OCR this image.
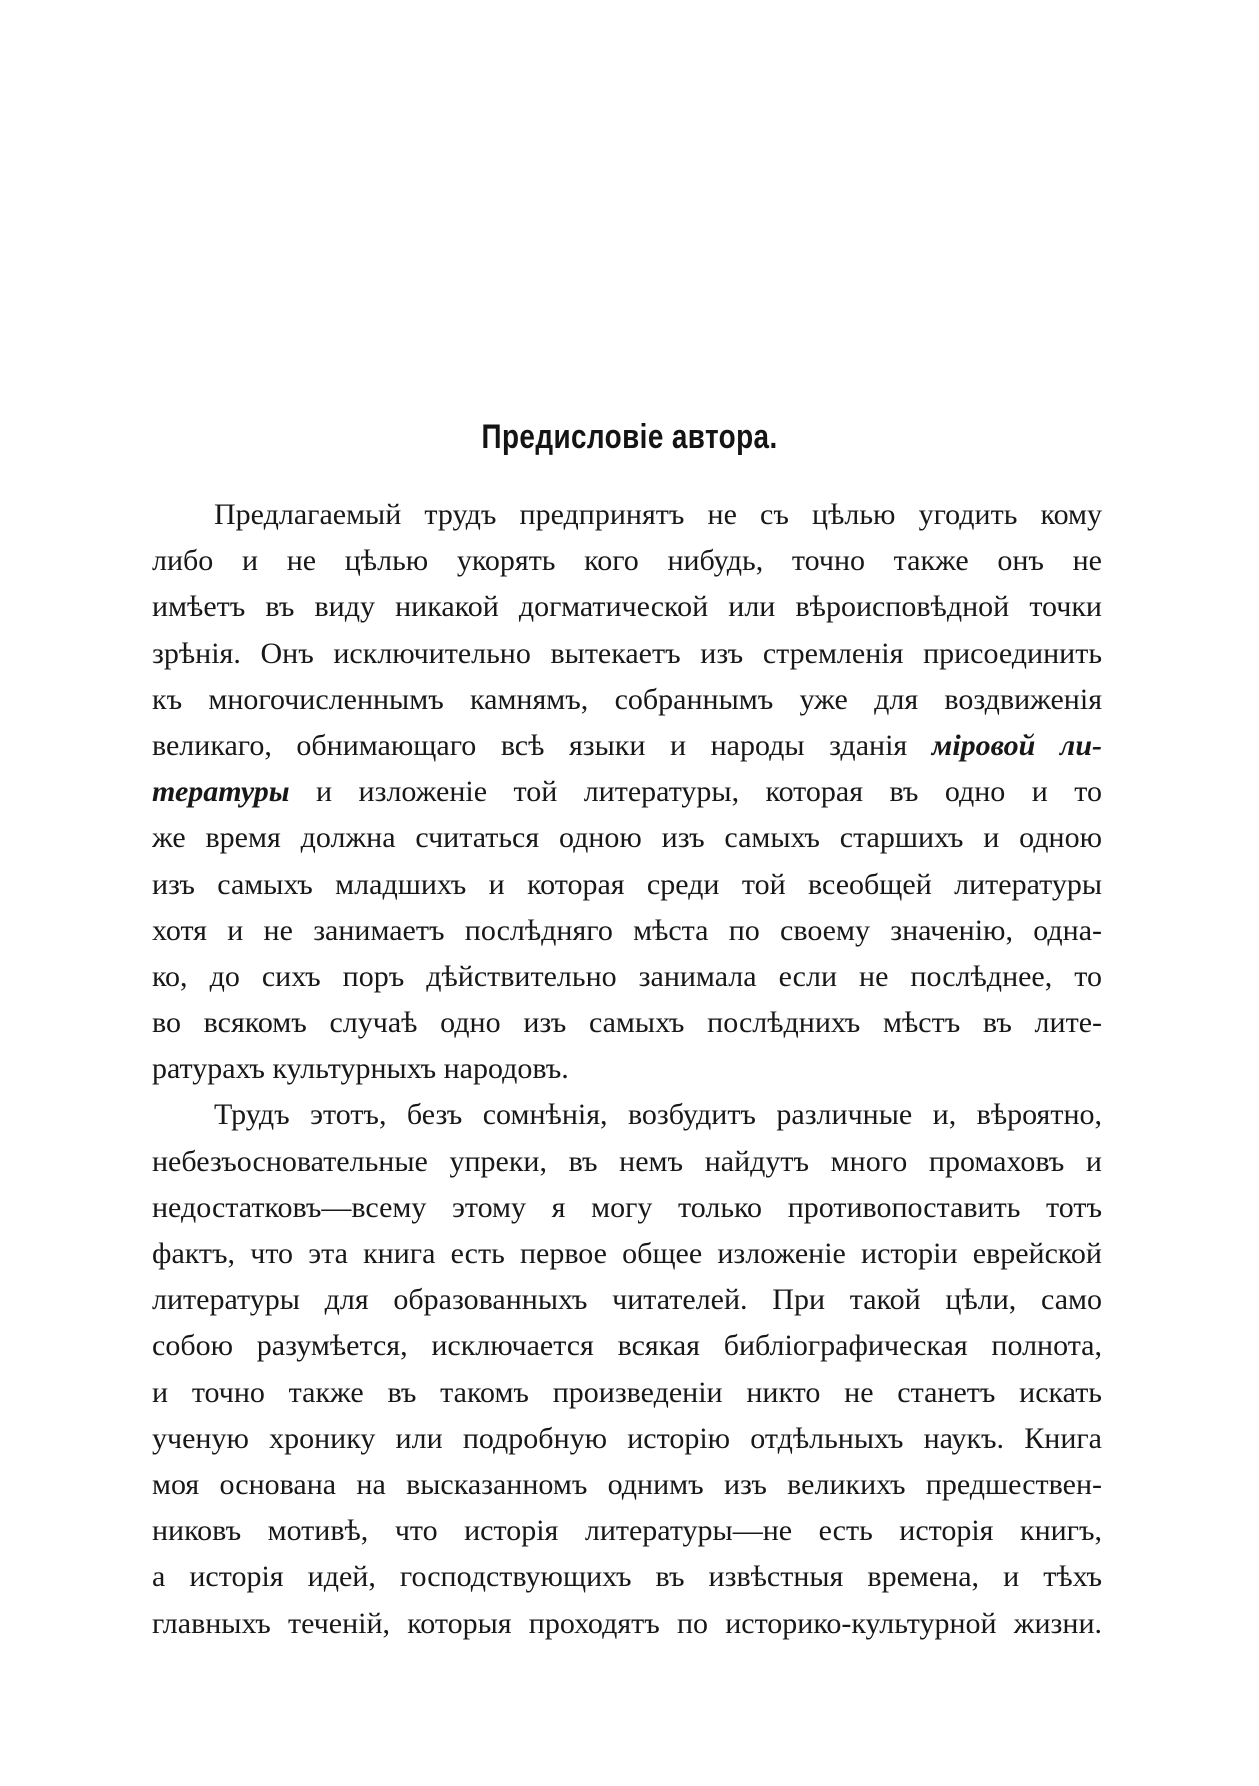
Предисловіе автора.
Предлагаемый трудъ предпринятъ не съ цѣлью угодить кому
либо и не цѣлью укорять кого нибудь, точно также онъ не
имѣетъ въ виду никакой догматической или вѣроисповѣдной точки
зрѣнія. Онъ исключительно вытекаетъ изъ стремленія присоединить
къ многочисленнымъ камнямъ, собраннымъ уже для воздвиженія
великаго, обнимающаго всѣ языки и народы зданія мiровой ли-
тературы и изложеніе той литературы, которая въ одно и то
же время должна считаться одною изъ самыхъ старшихъ и одною
изъ самыхъ младшихъ и которая среди той всеобщей литературы
хотя и не занимаетъ послѣдняго мѣста по своему значенію, одна-
ко, до сихъ поръ дѣйствительно занимала если не послѣднее, то
во всякомъ случаѣ одно изъ самыхъ послѣднихъ мѣстъ въ лите-
ратурахъ культурныхъ народовъ.
Трудъ этотъ, безъ сомнѣнія, возбудитъ различные и, вѣроятно,
небезъосновательные упреки, въ немъ найдутъ много промаховъ и
недостатковъ—всему этому я могу только противопоставить тотъ
фактъ, что эта книга есть первое общее изложеніе исторіи еврейской
литературы для образованныхъ читателей. При такой цѣли, само
собою разумѣется, исключается всякая библіографическая полнота,
и точно также въ такомъ произведеніи никто не станетъ искать
ученую хронику или подробную исторію отдѣльныхъ наукъ. Книга
моя основана на высказанномъ однимъ изъ великихъ предшествен-
никовъ мотивѣ, что исторія литературы—не есть исторія книгъ,
а исторія идей, господствующихъ въ извѣстныя времена, и тѣхъ
главныхъ теченій, которыя проходятъ по историко-культурной жизни.
